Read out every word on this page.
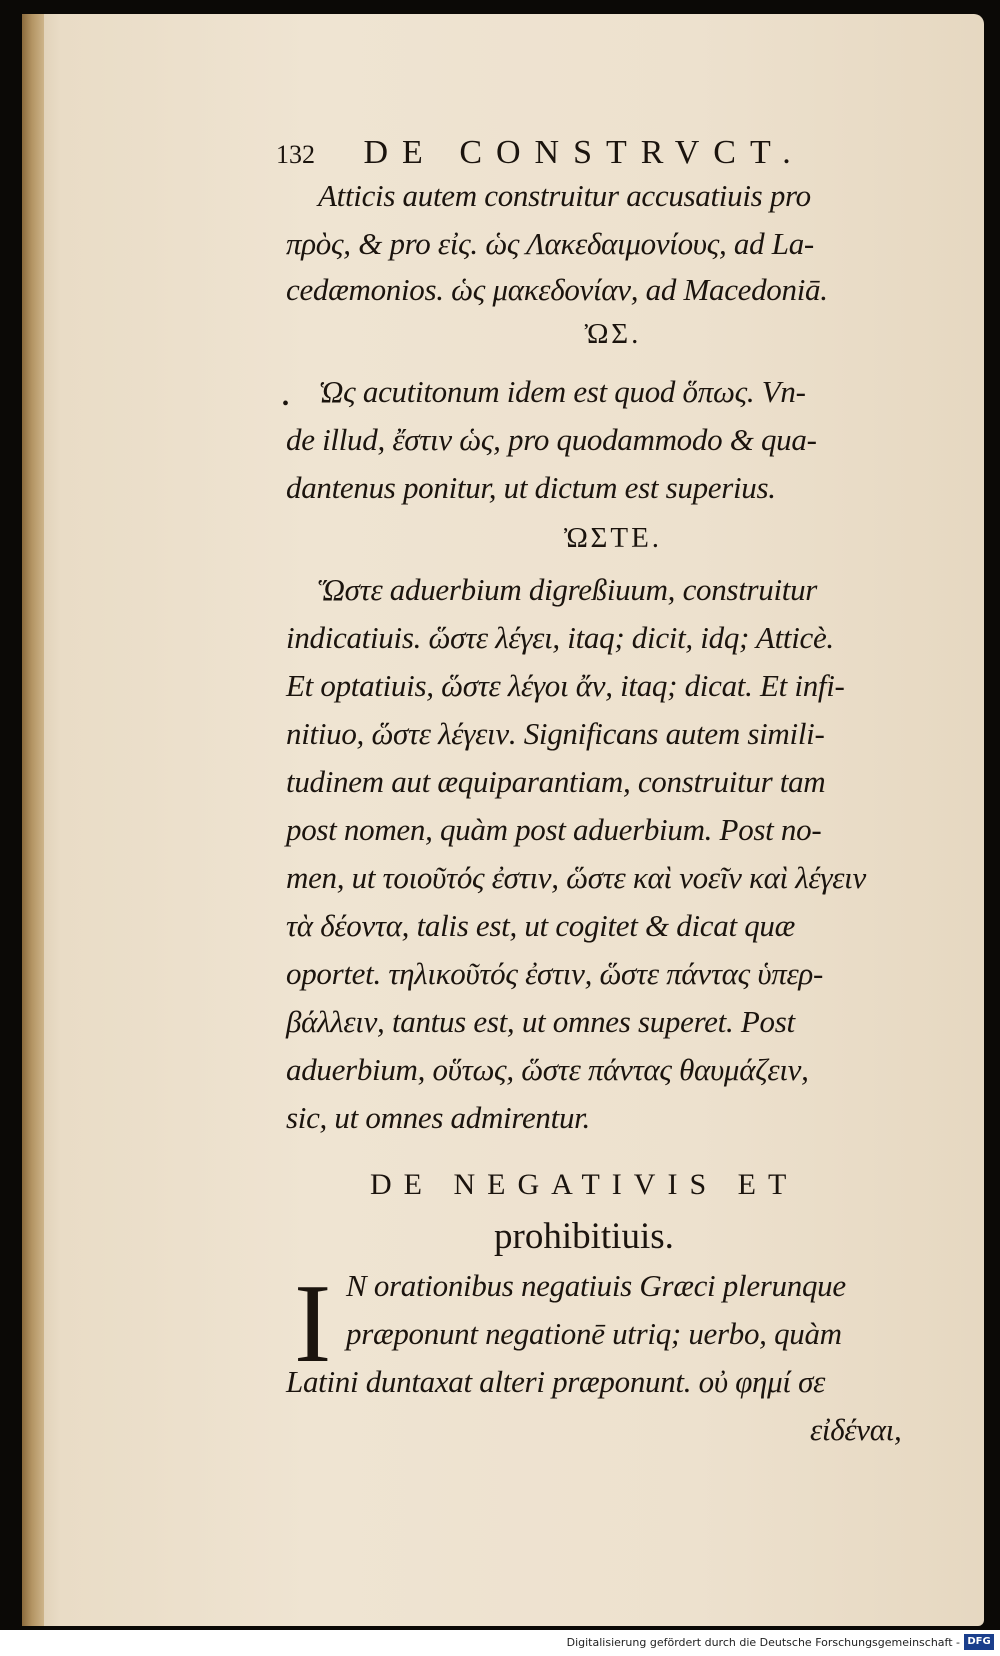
132 DE CONSTRVCT.
Atticis autem construitur accusatiuis pro
πρὸς, & pro εἰς. ὡς Λακεδαιμονίους, ad La-
cedæmonios. ὡς μακεδονίαν, ad Macedoniā.
ὨΣ.
• Ὡς acutitonum idem est quod ὅπως. Vn-
de illud, ἔστιν ὡς, pro quodammodo & qua-
dantenus ponitur, ut dictum est superius.
ὨΣΤΕ.
Ὥστε aduerbium digreßiuum, construitur
indicatiuis. ὥστε λέγει, itaq; dicit, idq; Atticè.
Et optatiuis, ὥστε λέγοι ἄν, itaq; dicat. Et infi-
nitiuo, ὥστε λέγειν. Significans autem simili-
tudinem aut æquiparantiam, construitur tam
post nomen, quàm post aduerbium. Post no-
men, ut τοιοῦτός ἐστιν, ὥστε καὶ νοεῖν καὶ λέγειν
τὰ δέοντα, talis est, ut cogitet & dicat quæ
oportet. τηλικοῦτός ἐστιν, ὥστε πάντας ὑπερ-
βάλλειν, tantus est, ut omnes superet. Post
aduerbium, οὕτως, ὥστε πάντας θαυμάζειν,
sic, ut omnes admirentur.
DE NEGATIVIS ET
prohibitiuis.
I N orationibus negatiuis Græci plerunque
præponunt negationē utriq; uerbo, quàm
Latini duntaxat alteri præponunt. οὐ φημί σε
εἰδέναι,
Digitalisierung gefördert durch die Deutsche Forschungsgemeinschaft - DFG
